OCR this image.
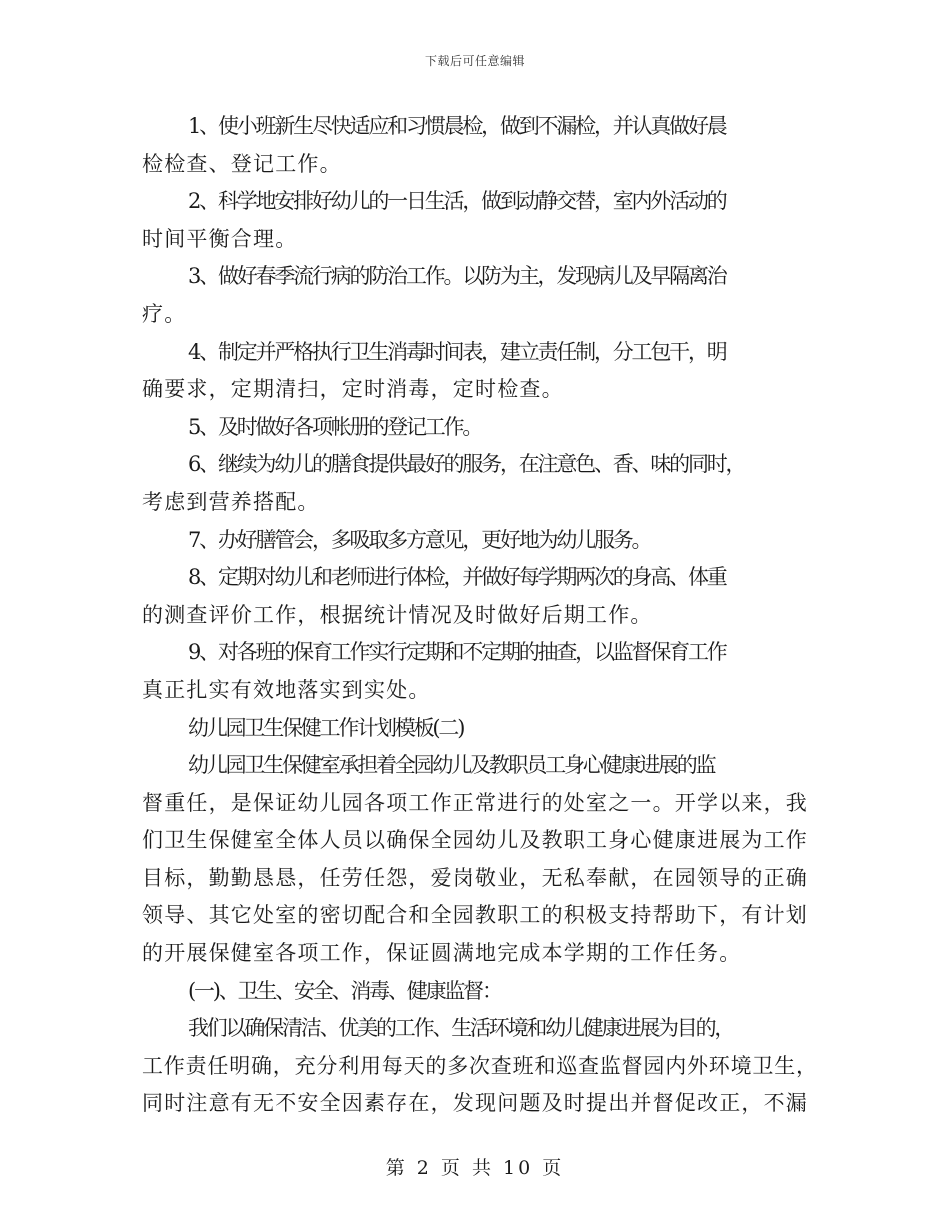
下载后可任意编辑
1、使小班新生尽快适应和习惯晨检，做到不漏检，并认真做好晨
检检查、登记工作。
2、科学地安排好幼儿的一日生活，做到动静交替，室内外活动的
时间平衡合理。
3、做好春季流行病的防治工作。以防为主，发现病儿及早隔离治
疗。
4、制定并严格执行卫生消毒时间表，建立责任制，分工包干，明
确要求，定期清扫，定时消毒，定时检查。
5、及时做好各项帐册的登记工作。
6、继续为幼儿的膳食提供最好的服务，在注意色、香、味的同时，
考虑到营养搭配。
7、办好膳管会，多吸取多方意见，更好地为幼儿服务。
8、定期对幼儿和老师进行体检，并做好每学期两次的身高、体重
的测查评价工作，根据统计情况及时做好后期工作。
9、对各班的保育工作实行定期和不定期的抽查，以监督保育工作
真正扎实有效地落实到实处。
幼儿园卫生保健工作计划模板(二)
幼儿园卫生保健室承担着全园幼儿及教职员工身心健康进展的监
督重任，是保证幼儿园各项工作正常进行的处室之一。开学以来，我
们卫生保健室全体人员以确保全园幼儿及教职工身心健康进展为工作
目标，勤勤恳恳，任劳任怨，爱岗敬业，无私奉献，在园领导的正确
领导、其它处室的密切配合和全园教职工的积极支持帮助下，有计划
的开展保健室各项工作，保证圆满地完成本学期的工作任务。
(一)、卫生、安全、消毒、健康监督：
我们以确保清洁、优美的工作、生活环境和幼儿健康进展为目的，
工作责任明确，充分利用每天的多次查班和巡查监督园内外环境卫生，
同时注意有无不安全因素存在，发现问题及时提出并督促改正，不漏
第 2 页 共 10 页
